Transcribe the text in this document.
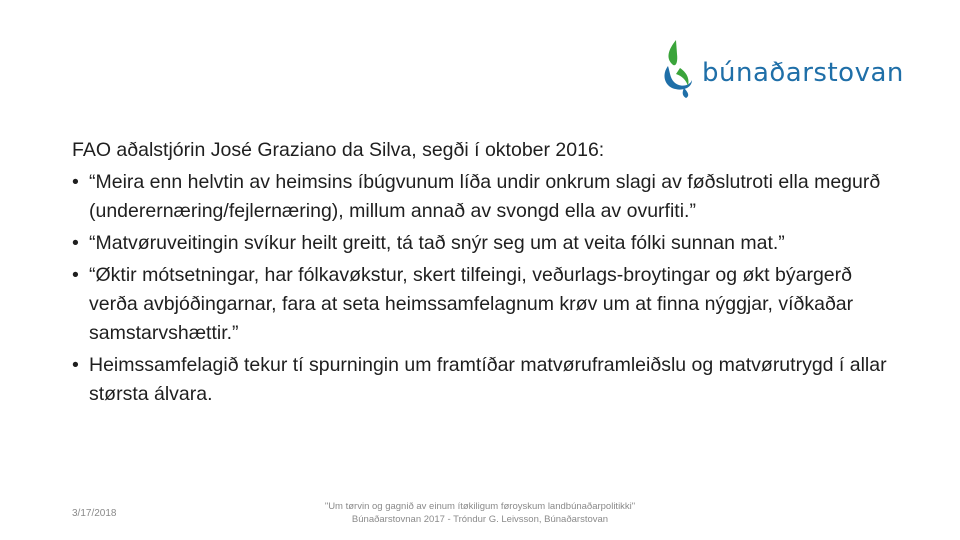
búnaðarstovan

FAO aðalstjórin José Graziano da Silva, segði í oktober 2016:

• “Meira enn helvtin av heimsins íbúgvunum líða undir onkrum slagi av føðslutroti ella megurð (underernæring/fejlernæring), millum annað av svongd ella av ovurfiti.”
• “Matvøruveitingin svíkur heilt greitt, tá tað snýr seg um at veita fólki sunnan mat.”
• “Øktir mótsetningar, har fólkavøkstur, skert tilfeingi, veðurlags-broytingar og økt býargerð verða avbjóðingarnar, fara at seta heimssamfelagnum krøv um at finna nýggjar, víðkaðar samstarvshættir.”
• Heimssamfelagið tekur tí spurningin um framtíðar matvøruframleiðslu og matvørutrygd í allar størsta álvara.
3/17/2018
"Um tørvin og gagnið av einum ítøkiligum føroyskum landbúnaðarpolitikki"
Búnaðarstovnan 2017 - Tróndur G. Leivsson, Búnaðarstovan
